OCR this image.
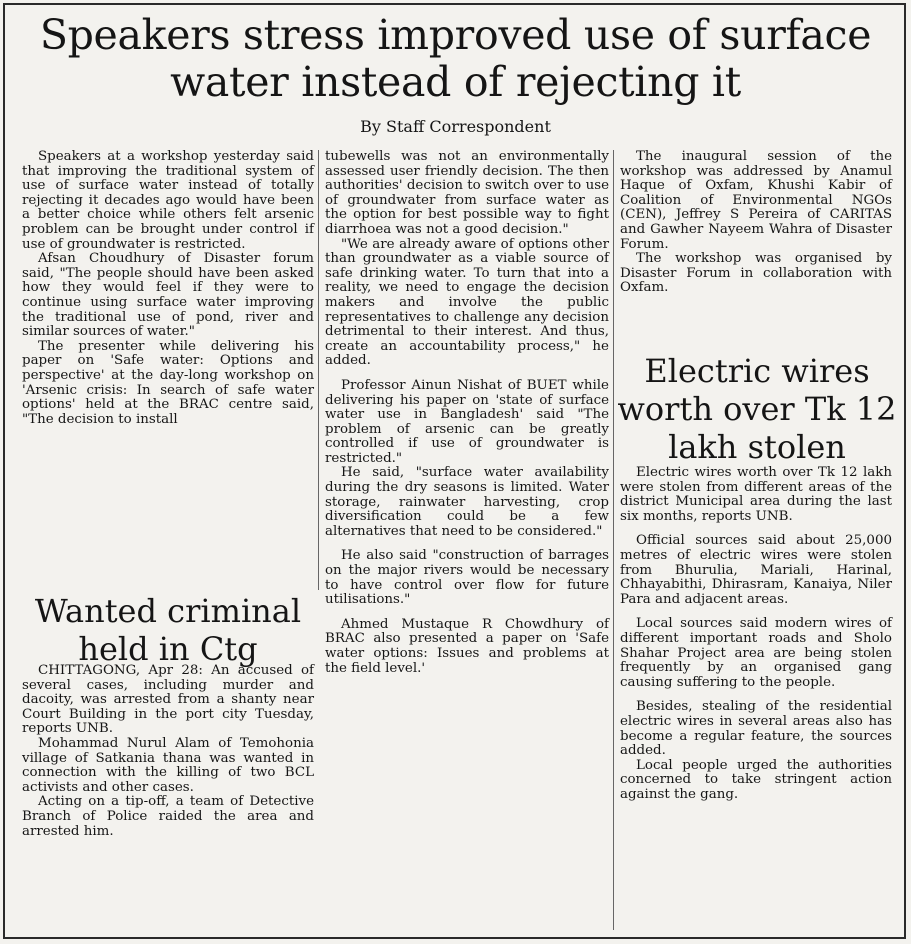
Speakers stress improved use of surface water instead of rejecting it

By Staff Correspondent

Speakers at a workshop yesterday said that improving the traditional system of use of surface water instead of totally rejecting it decades ago would have been a better choice while others felt arsenic problem can be brought under control if use of groundwater is restricted.

Afsan Choudhury of Disaster forum said, "The people should have been asked how they would feel if they were to continue using surface water improving the traditional use of pond, river and similar sources of water."

The presenter while delivering his paper on 'Safe water: Options and perspective' at the day-long workshop on 'Arsenic crisis: In search of safe water options' held at the BRAC centre said, "The decision to install

tubewells was not an environmentally assessed user friendly decision. The then authorities' decision to switch over to use of groundwater from surface water as the option for best possible way to fight diarrhoea was not a good decision."

"We are already aware of options other than groundwater as a viable source of safe drinking water. To turn that into a reality, we need to engage the decision makers and involve the public representatives to challenge any decision detrimental to their interest. And thus, create an accountability process," he added.

Professor Ainun Nishat of BUET while delivering his paper on 'state of surface water use in Bangladesh' said "The problem of arsenic can be greatly controlled if use of groundwater is restricted."

He said, "surface water availability during the dry seasons is limited. Water storage, rainwater harvesting, crop diversification could be a few alternatives that need to be considered."

He also said "construction of barrages on the major rivers would be necessary to have control over flow for future utilisations."

Ahmed Mustaque R Chowdhury of BRAC also presented a paper on 'Safe water options: Issues and problems at the field level.'

The inaugural session of the workshop was addressed by Anamul Haque of Oxfam, Khushi Kabir of Coalition of Environmental NGOs (CEN), Jeffrey S Pereira of CARITAS and Gawher Nayeem Wahra of Disaster Forum.

The workshop was organised by Disaster Forum in collaboration with Oxfam.

Wanted criminal held in Ctg

CHITTAGONG, Apr 28: An accused of several cases, including murder and dacoity, was arrested from a shanty near Court Building in the port city Tuesday, reports UNB.

Mohammad Nurul Alam of Temohonia village of Satkania thana was wanted in connection with the killing of two BCL activists and other cases.

Acting on a tip-off, a team of Detective Branch of Police raided the area and arrested him.

Electric wires worth over Tk 12 lakh stolen

Electric wires worth over Tk 12 lakh were stolen from different areas of the district Municipal area during the last six months, reports UNB.

Official sources said about 25,000 metres of electric wires were stolen from Bhurulia, Mariali, Harinal, Chhayabithi, Dhirasram, Kanaiya, Niler Para and adjacent areas.

Local sources said modern wires of different important roads and Sholo Shahar Project area are being stolen frequently by an organised gang causing suffering to the people.

Besides, stealing of the residential electric wires in several areas also has become a regular feature, the sources added.

Local people urged the authorities concerned to take stringent action against the gang.
